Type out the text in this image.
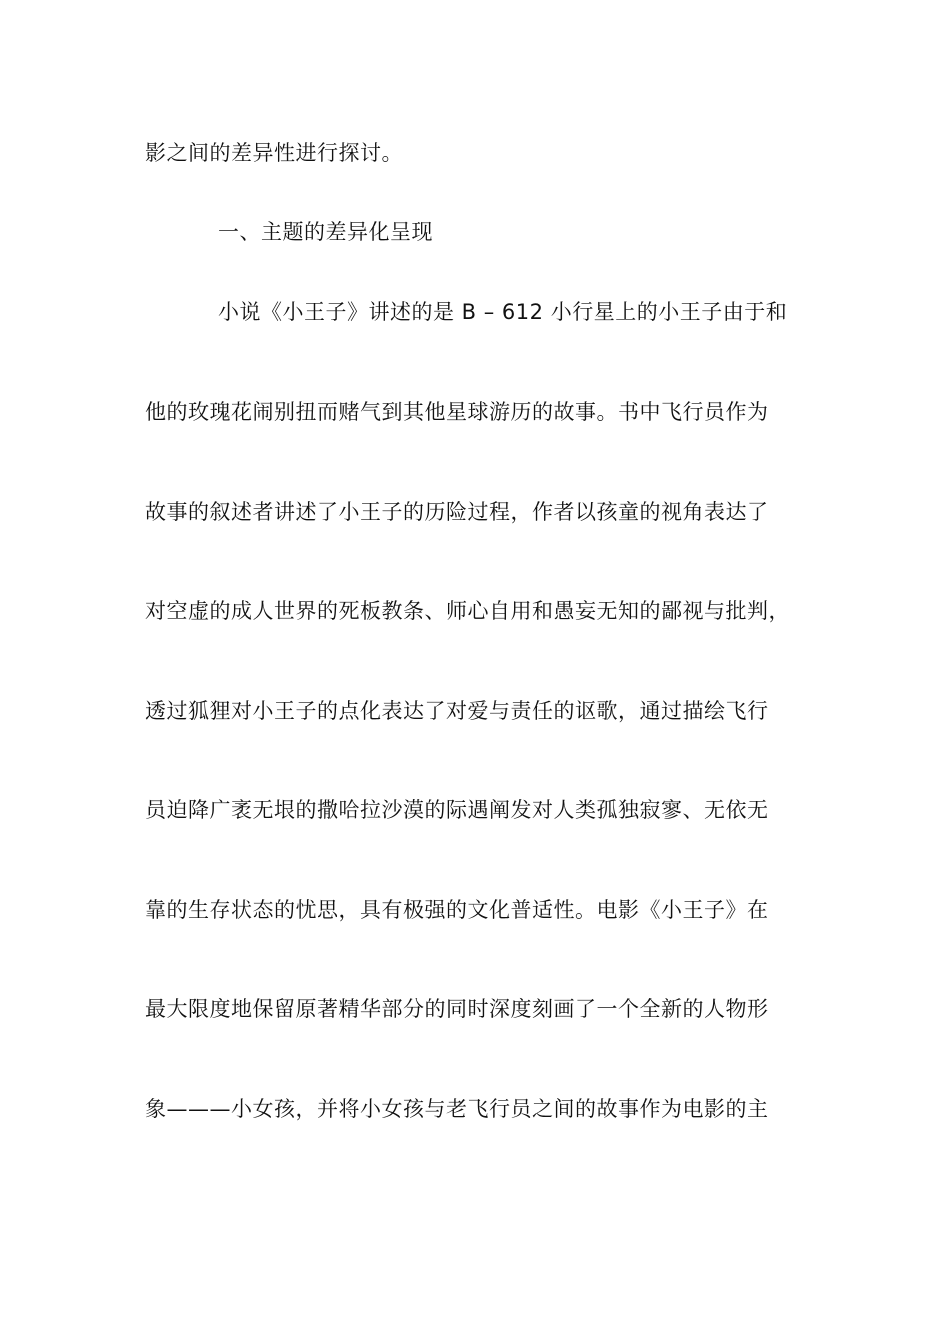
影之间的差异性进行探讨。
一、主题的差异化呈现
小说《小王子》讲述的是 B – 612 小行星上的小王子由于和
他的玫瑰花闹别扭而赌气到其他星球游历的故事。书中飞行员作为
故事的叙述者讲述了小王子的历险过程，作者以孩童的视角表达了
对空虚的成人世界的死板教条、师心自用和愚妄无知的鄙视与批判，
透过狐狸对小王子的点化表达了对爱与责任的讴歌，通过描绘飞行
员迫降广袤无垠的撒哈拉沙漠的际遇阐发对人类孤独寂寥、无依无
靠的生存状态的忧思，具有极强的文化普适性。电影《小王子》在
最大限度地保留原著精华部分的同时深度刻画了一个全新的人物形
象———小女孩，并将小女孩与老飞行员之间的故事作为电影的主
